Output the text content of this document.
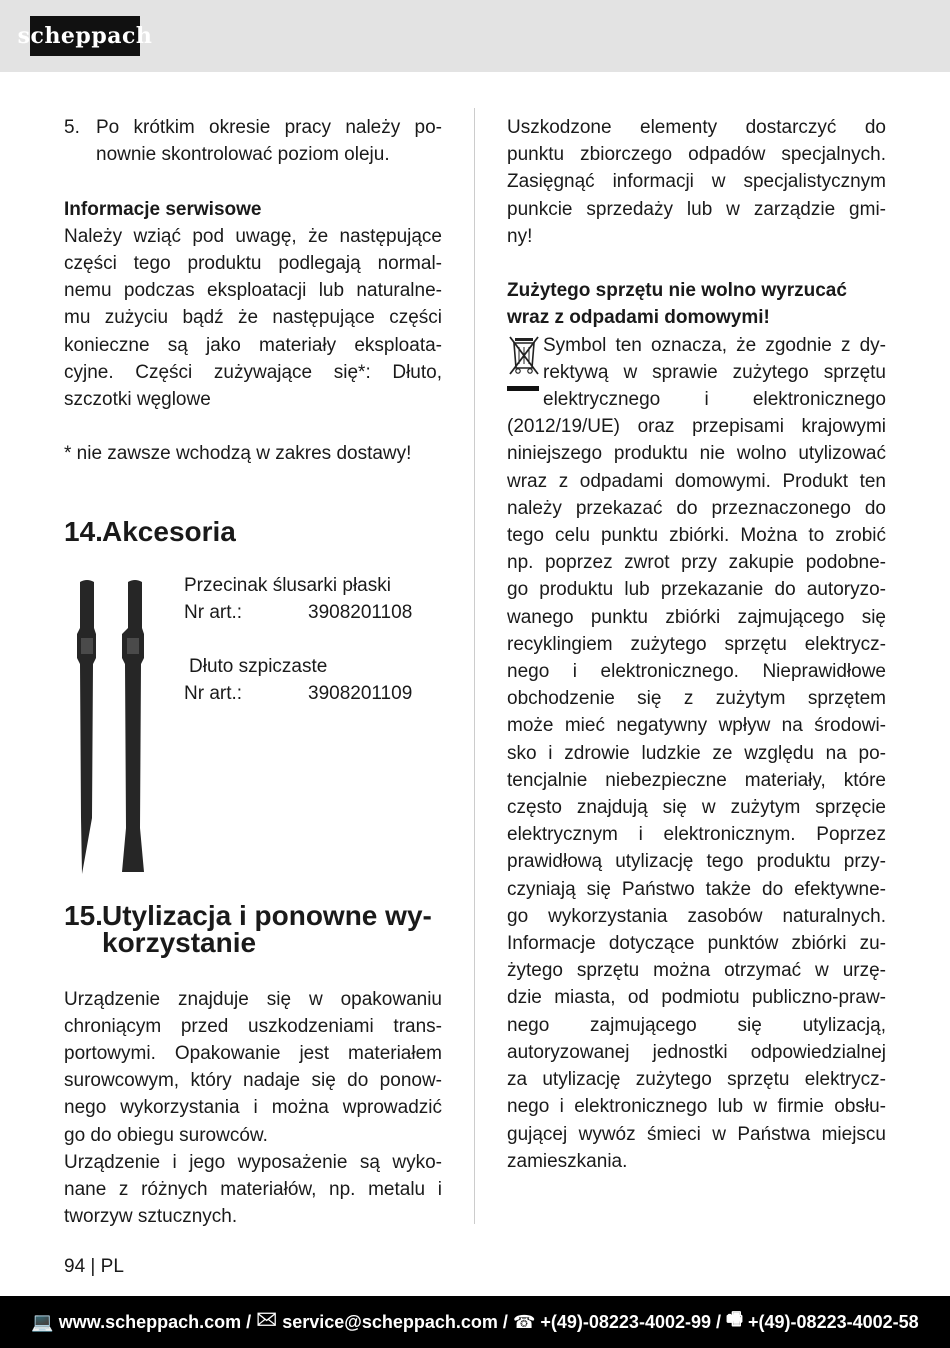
scheppach
5. Po krótkim okresie pracy należy po-

nownie skontrolować poziom oleju.

Informacje serwisowe

Należy wziąć pod uwagę, że następujące

części tego produktu podlegają normal-

nemu podczas eksploatacji lub naturalne-

mu zużyciu bądź że następujące części

konieczne są jako materiały eksploata-

cyjne. Części zużywające się*: Dłuto,

szczotki węglowe

* nie zawsze wchodzą w zakres dostawy!

14. Akcesoria

Przecinak ślusarki płaski

Nr art.:	3908201108

Dłuto szpiczaste

Nr art.:	3908201109
15. Utylizacja i ponowne wy-
korzystanie

Urządzenie znajduje się w opakowaniu

chroniącym przed uszkodzeniami trans-

portowymi. Opakowanie jest materiałem

surowcowym, który nadaje się do ponow-

nego wykorzystania i można wprowadzić

go do obiegu surowców.

Urządzenie i jego wyposażenie są wyko-

nane z różnych materiałów, np. metalu i

tworzyw sztucznych.

Uszkodzone elementy dostarczyć do

punktu zbiorczego odpadów specjalnych.

Zasięgnąć informacji w specjalistycznym

punkcie sprzedaży lub w zarządzie gmi-

ny!

Zużytego sprzętu nie wolno wyrzucać

wraz z odpadami domowymi!

Symbol ten oznacza, że zgodnie z dy-

rektywą w sprawie zużytego sprzętu

elektrycznego i elektronicznego

(2012/19/UE) oraz przepisami krajowymi

niniejszego produktu nie wolno utylizować

wraz z odpadami domowymi. Produkt ten

należy przekazać do przeznaczonego do

tego celu punktu zbiórki. Można to zrobić

np. poprzez zwrot przy zakupie podobne-

go produktu lub przekazanie do autoryzo-

wanego punktu zbiórki zajmującego się

recyklingiem zużytego sprzętu elektrycz-

nego i elektronicznego. Nieprawidłowe

obchodzenie się z zużytym sprzętem

może mieć negatywny wpływ na środowi-

sko i zdrowie ludzkie ze względu na po-

tencjalnie niebezpieczne materiały, które

często znajdują się w zużytym sprzęcie

elektrycznym i elektronicznym. Poprzez

prawidłową utylizację tego produktu przy-

czyniają się Państwo także do efektywne-

go wykorzystania zasobów naturalnych.

Informacje dotyczące punktów zbiórki zu-

żytego sprzętu można otrzymać w urzę-

dzie miasta, od podmiotu publiczno-praw-

nego zajmującego się utylizacją,

autoryzowanej jednostki odpowiedzialnej

za utylizację zużytego sprzętu elektrycz-

nego i elektronicznego lub w firmie obsłu-

gującej wywóz śmieci w Państwa miejscu

zamieszkania.

94 | PL
💻
www.scheppach.com / 🖂
service@scheppach.com / ☎
+(49)-08223-4002-99 / 🖷
+(49)-08223-4002-58
